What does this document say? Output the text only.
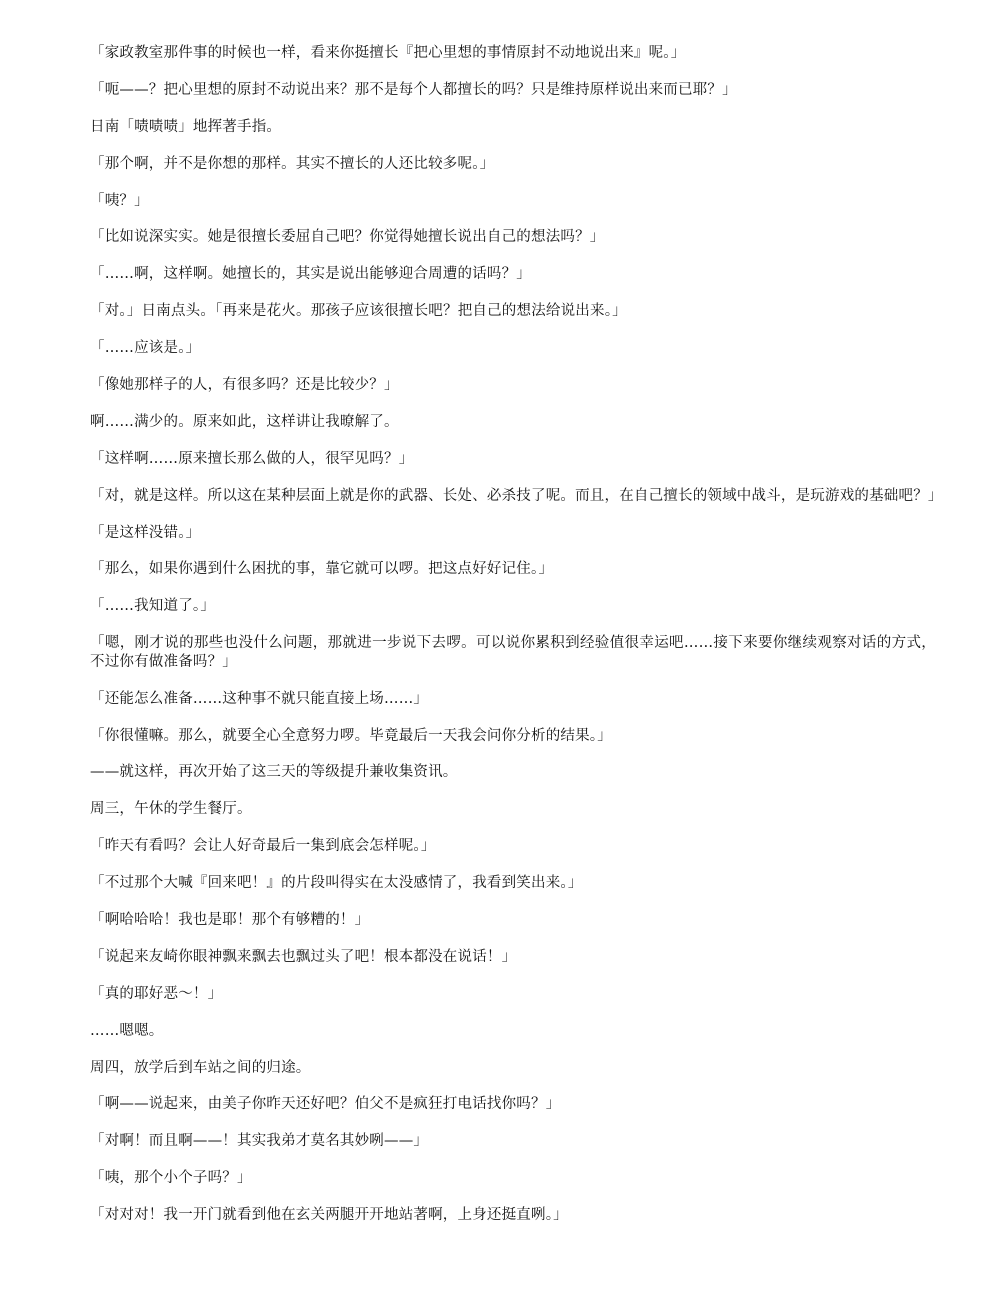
「家政教室那件事的时候也一样，看来你挺擅长『把心里想的事情原封不动地说出来』呢。」

「呃——？把心里想的原封不动说出来？那不是每个人都擅长的吗？只是维持原样说出来而已耶？」

日南「啧啧啧」地挥著手指。

「那个啊，并不是你想的那样。其实不擅长的人还比较多呢。」

「咦？」

「比如说深实实。她是很擅长委屈自己吧？你觉得她擅长说出自己的想法吗？」

「……啊，这样啊。她擅长的，其实是说出能够迎合周遭的话吗？」

「对。」日南点头。「再来是花火。那孩子应该很擅长吧？把自己的想法给说出来。」

「……应该是。」

「像她那样子的人，有很多吗？还是比较少？」

啊……满少的。原来如此，这样讲让我暸解了。

「这样啊……原来擅长那么做的人，很罕见吗？」

「对，就是这样。所以这在某种层面上就是你的武器、长处、必杀技了呢。而且，在自己擅长的领域中战斗，是玩游戏的基础吧？」

「是这样没错。」

「那么，如果你遇到什么困扰的事，靠它就可以啰。把这点好好记住。」

「……我知道了。」

「嗯，刚才说的那些也没什么问题，那就进一步说下去啰。可以说你累积到经验值很幸运吧……接下来要你继续观察对话的方式，不过你有做准备吗？」

「还能怎么准备……这种事不就只能直接上场……」

「你很懂嘛。那么，就要全心全意努力啰。毕竟最后一天我会问你分析的结果。」

——就这样，再次开始了这三天的等级提升兼收集资讯。

周三，午休的学生餐厅。

「昨天有看吗？会让人好奇最后一集到底会怎样呢。」

「不过那个大喊『回来吧！』的片段叫得实在太没感情了，我看到笑出来。」

「啊哈哈哈！我也是耶！那个有够糟的！」

「说起来友崎你眼神飘来飘去也飘过头了吧！根本都没在说话！」

「真的耶好恶～！」

……嗯嗯。

周四，放学后到车站之间的归途。

「啊——说起来，由美子你昨天还好吧？伯父不是疯狂打电话找你吗？」

「对啊！而且啊——！其实我弟才莫名其妙咧——」

「咦，那个小个子吗？」

「对对对！我一开门就看到他在玄关两腿开开地站著啊，上身还挺直咧。」
